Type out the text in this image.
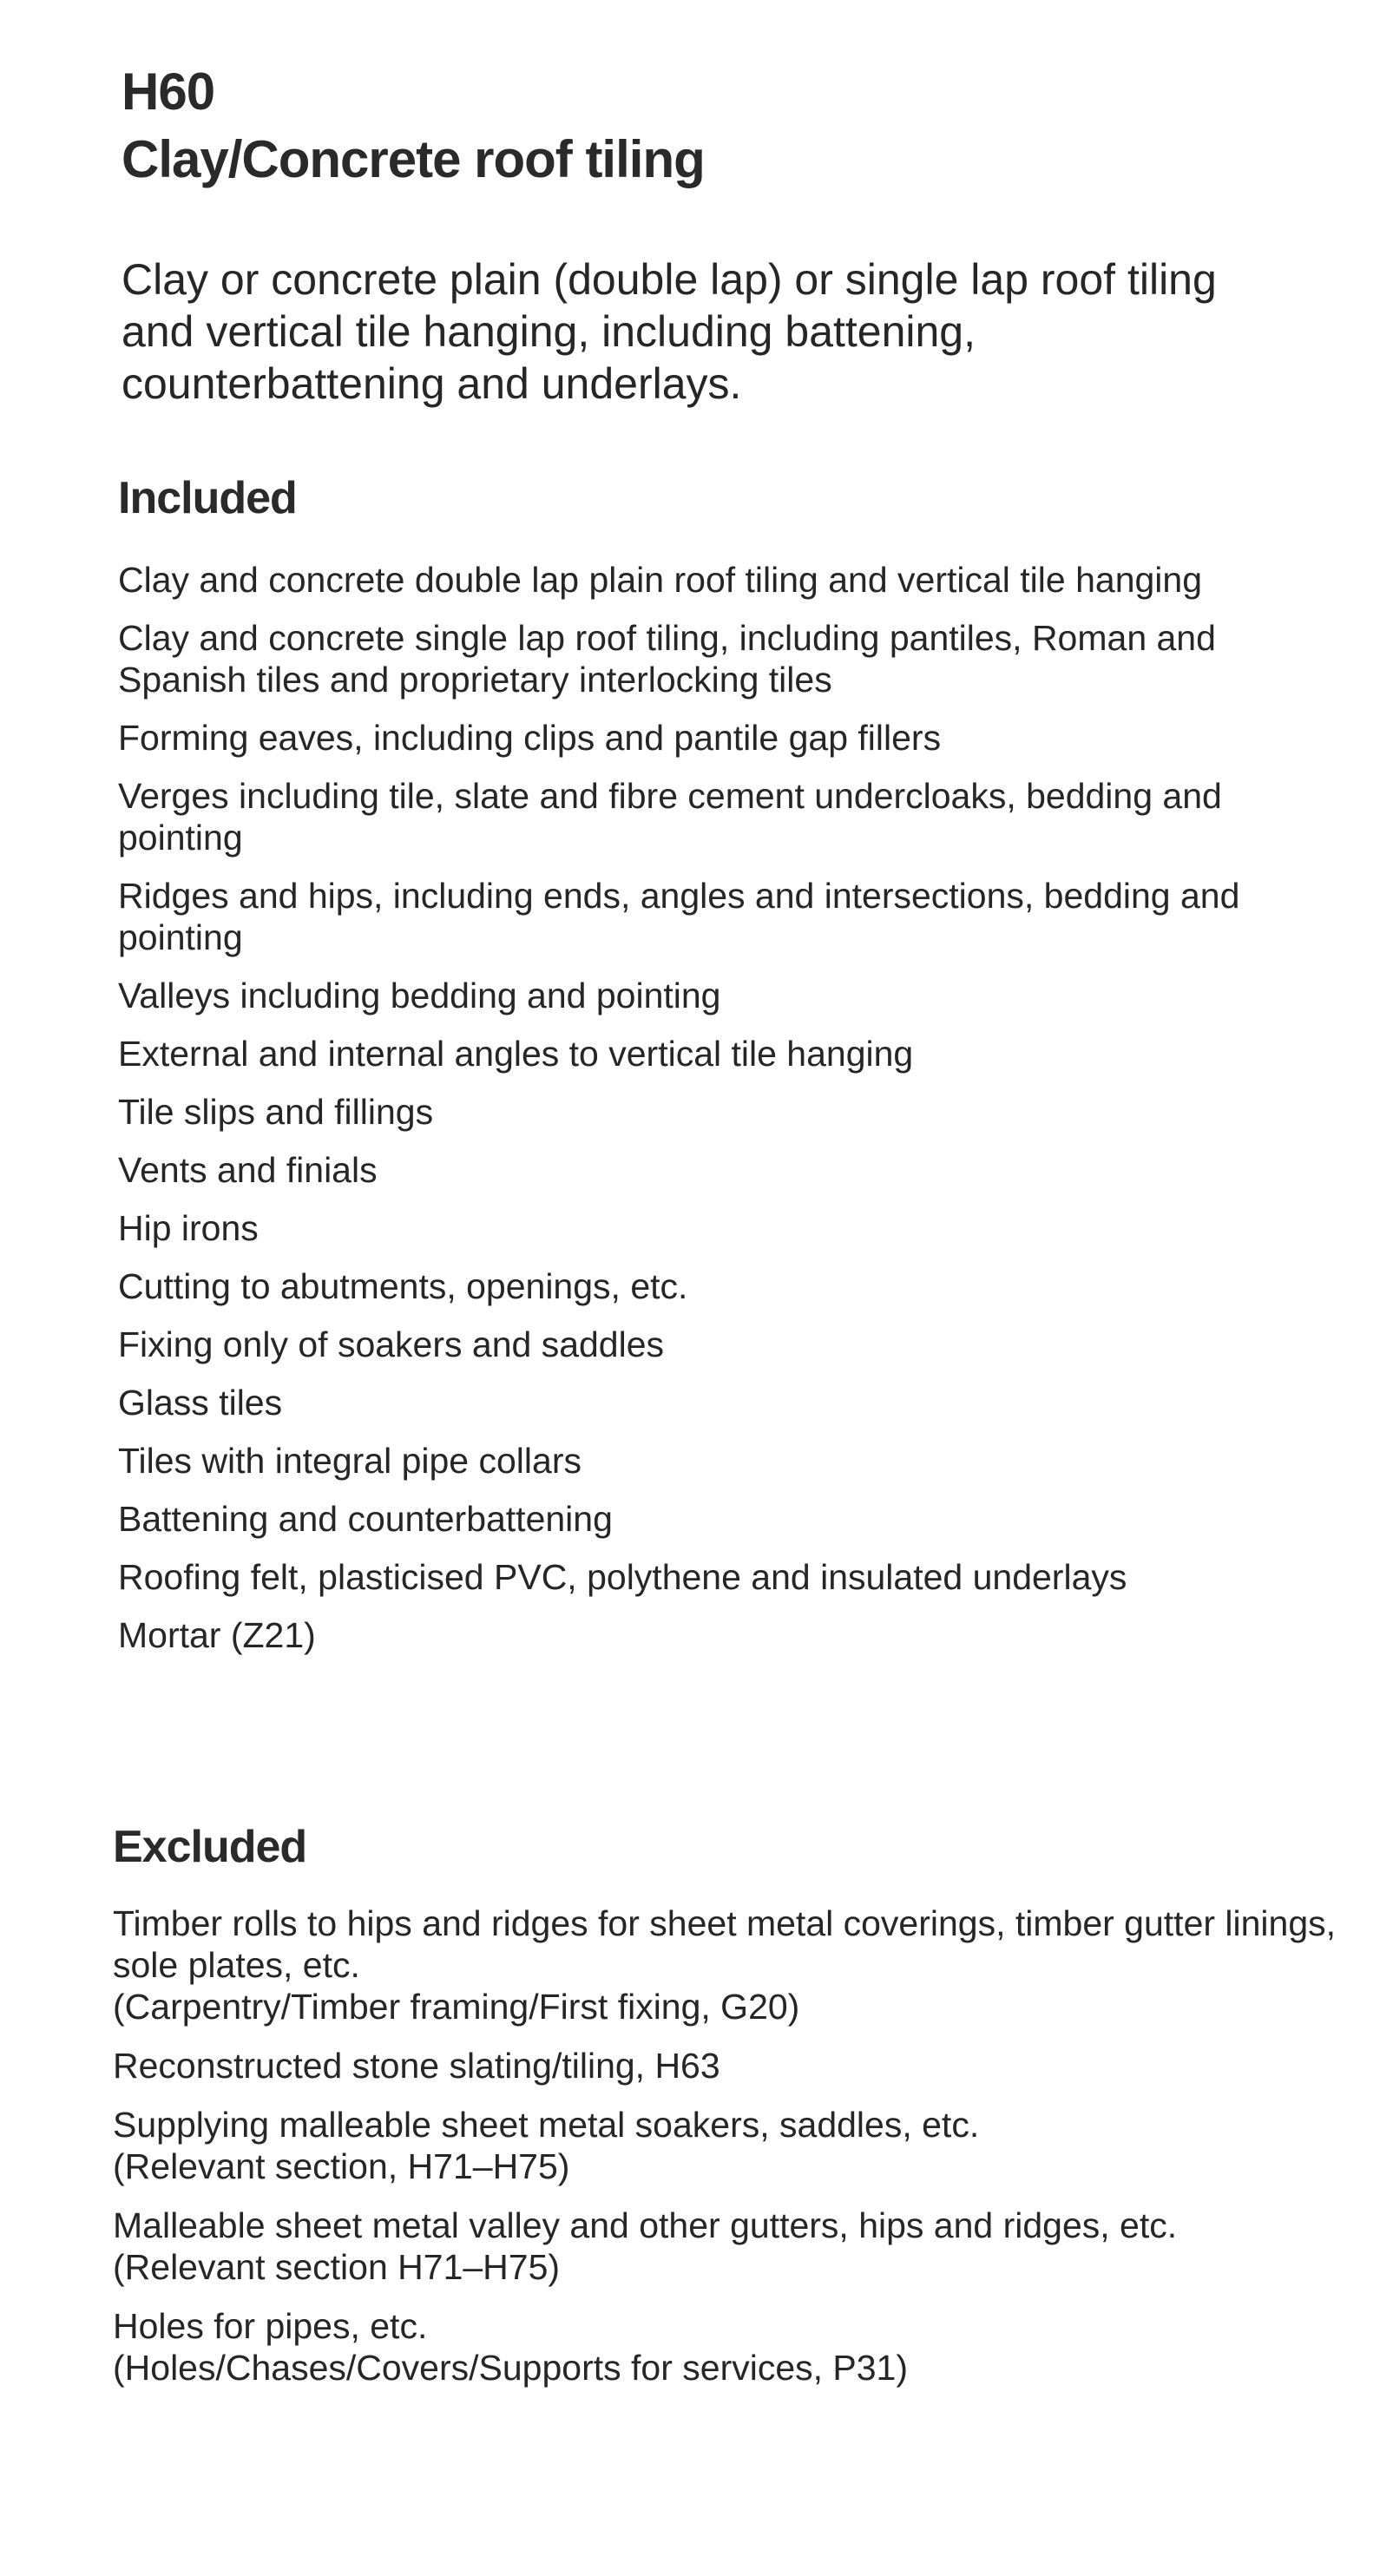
H60
Clay/Concrete roof tiling
Clay or concrete plain (double lap) or single lap roof tiling and vertical tile hanging, including battening, counterbattening and underlays.
Included
Clay and concrete double lap plain roof tiling and vertical tile hanging
Clay and concrete single lap roof tiling, including pantiles, Roman and Spanish tiles and proprietary interlocking tiles
Forming eaves, including clips and pantile gap fillers
Verges including tile, slate and fibre cement undercloaks, bedding and pointing
Ridges and hips, including ends, angles and intersections, bedding and pointing
Valleys including bedding and pointing
External and internal angles to vertical tile hanging
Tile slips and fillings
Vents and finials
Hip irons
Cutting to abutments, openings, etc.
Fixing only of soakers and saddles
Glass tiles
Tiles with integral pipe collars
Battening and counterbattening
Roofing felt, plasticised PVC, polythene and insulated underlays
Mortar (Z21)
Excluded
Timber rolls to hips and ridges for sheet metal coverings, timber gutter linings, sole plates, etc.
(Carpentry/Timber framing/First fixing, G20)
Reconstructed stone slating/tiling, H63
Supplying malleable sheet metal soakers, saddles, etc.
(Relevant section, H71–H75)
Malleable sheet metal valley and other gutters, hips and ridges, etc.
(Relevant section H71–H75)
Holes for pipes, etc.
(Holes/Chases/Covers/Supports for services, P31)
